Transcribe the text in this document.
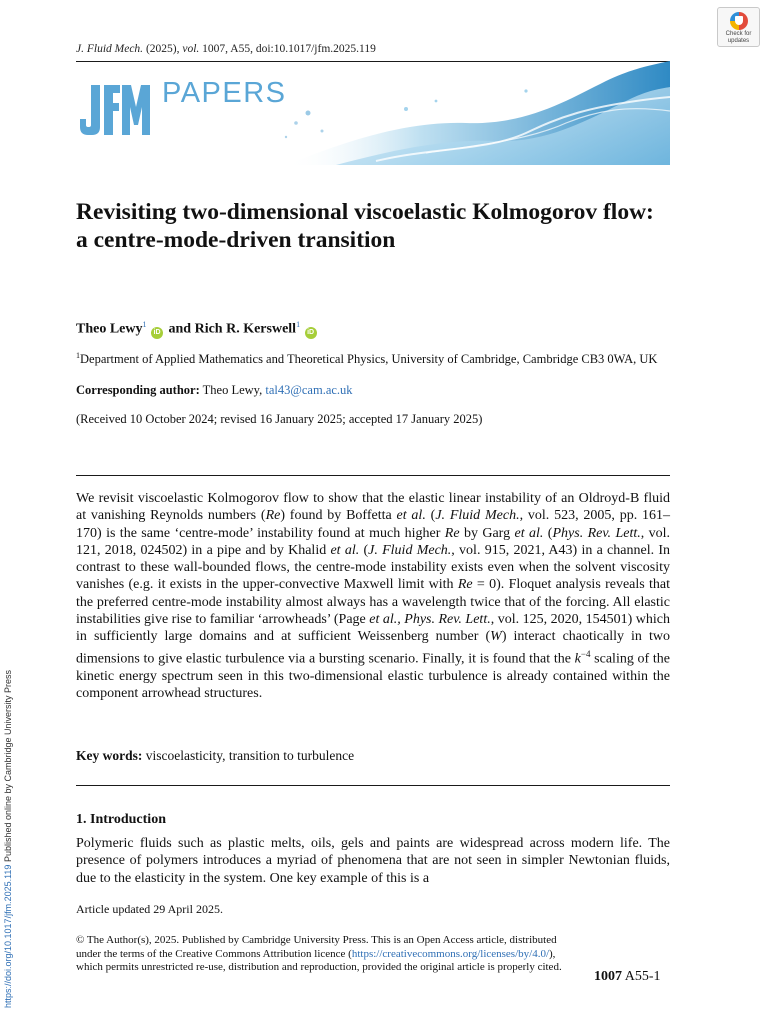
J. Fluid Mech. (2025), vol. 1007, A55, doi:10.1017/jfm.2025.119
Check for
updates
PAPERS
Revisiting two-dimensional viscoelastic Kolmogorov flow: a centre-mode-driven transition
Theo Lewy$^1$ iD and Rich R. Kerswell$^1$ iD
$^1$Department of Applied Mathematics and Theoretical Physics, University of Cambridge, Cambridge CB3 0WA, UK
Corresponding author: Theo Lewy, tal43@cam.ac.uk
(Received 10 October 2024; revised 16 January 2025; accepted 17 January 2025)

We revisit viscoelastic Kolmogorov flow to show that the elastic linear instability of an Oldroyd-B fluid at vanishing Reynolds numbers (Re) found by Boffetta et al. (J. Fluid Mech., vol. 523, 2005, pp. 161–170) is the same ‘centre-mode’ instability found at much higher Re by Garg et al. (Phys. Rev. Lett., vol. 121, 2018, 024502) in a pipe and by Khalid et al. (J. Fluid Mech., vol. 915, 2021, A43) in a channel. In contrast to these wall-bounded flows, the centre-mode instability exists even when the solvent viscosity vanishes (e.g. it exists in the upper-convective Maxwell limit with Re = 0). Floquet analysis reveals that the preferred centre-mode instability almost always has a wavelength twice that of the forcing. All elastic instabilities give rise to familiar ‘arrowheads’ (Page et al., Phys. Rev. Lett., vol. 125, 2020, 154501) which in sufficiently large domains and at sufficient Weissenberg number (W) interact chaotically in two dimensions to give elastic turbulence via a bursting scenario. Finally, it is found that the $k^{-4}$ scaling of the kinetic energy spectrum seen in this two-dimensional elastic turbulence is already contained within the component arrowhead structures.

Key words: viscoelasticity, transition to turbulence
1. Introduction

Polymeric fluids such as plastic melts, oils, gels and paints are widespread across modern life. The presence of polymers introduces a myriad of phenomena that are not seen in simpler Newtonian fluids, due to the elasticity in the system. One key example of this is a

Article updated 29 April 2025.
© The Author(s), 2025. Published by Cambridge University Press. This is an Open Access article, distributed under the terms of the Creative Commons Attribution licence (https://creativecommons.org/licenses/by/4.0/), which permits unrestricted re-use, distribution and reproduction, provided the original article is properly cited.
1007 A55-1
https://doi.org/10.1017/jfm.2025.119 Published online by Cambridge University Press
